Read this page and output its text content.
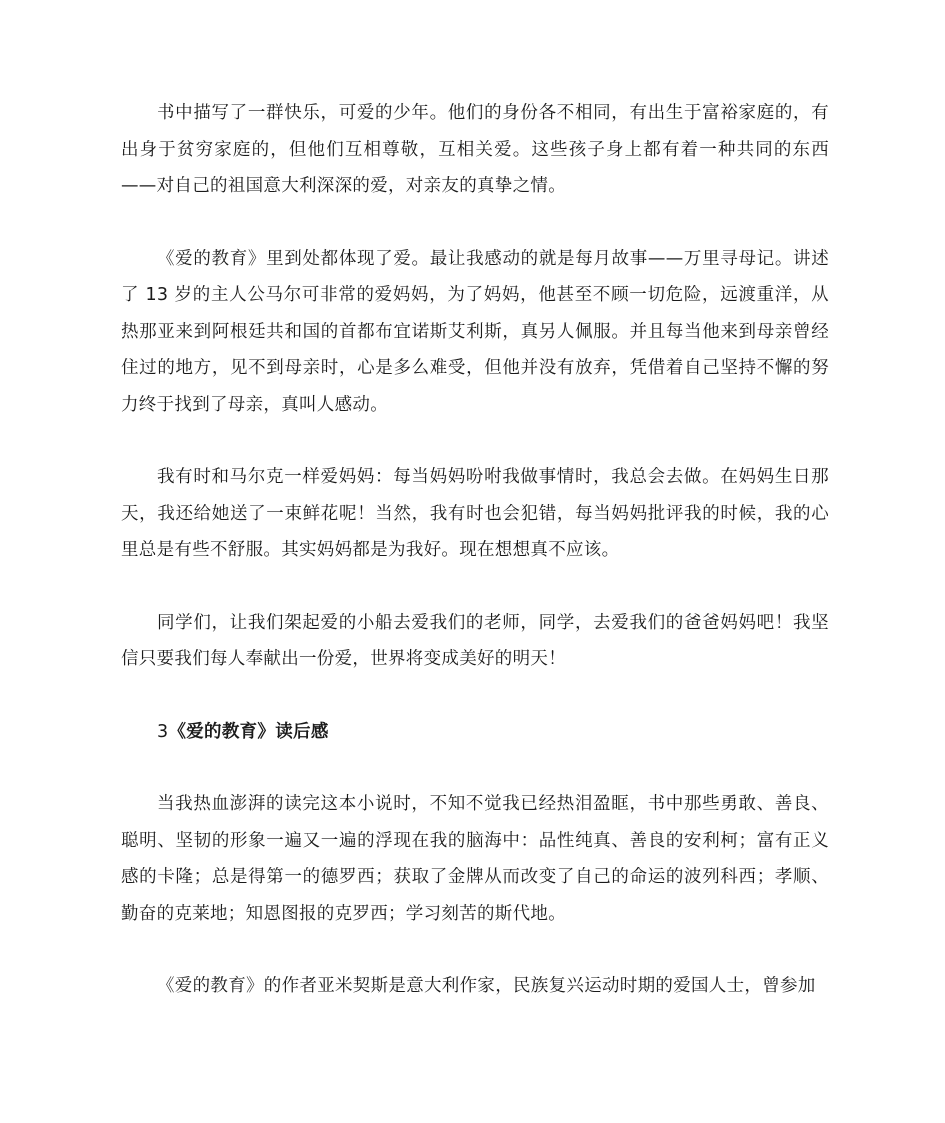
书中描写了一群快乐，可爱的少年。他们的身份各不相同，有出生于富裕家庭的，有出身于贫穷家庭的，但他们互相尊敬，互相关爱。这些孩子身上都有着一种共同的东西——对自己的祖国意大利深深的爱，对亲友的真挚之情。

《爱的教育》里到处都体现了爱。最让我感动的就是每月故事——万里寻母记。讲述了 13 岁的主人公马尔可非常的爱妈妈，为了妈妈，他甚至不顾一切危险，远渡重洋，从热那亚来到阿根廷共和国的首都布宜诺斯艾利斯，真另人佩服。并且每当他来到母亲曾经住过的地方，见不到母亲时，心是多么难受，但他并没有放弃，凭借着自己坚持不懈的努力终于找到了母亲，真叫人感动。

我有时和马尔克一样爱妈妈：每当妈妈吩咐我做事情时，我总会去做。在妈妈生日那天，我还给她送了一束鲜花呢！当然，我有时也会犯错，每当妈妈批评我的时候，我的心里总是有些不舒服。其实妈妈都是为我好。现在想想真不应该。

同学们，让我们架起爱的小船去爱我们的老师，同学，去爱我们的爸爸妈妈吧！我坚信只要我们每人奉献出一份爱，世界将变成美好的明天！

3《爱的教育》读后感

当我热血澎湃的读完这本小说时，不知不觉我已经热泪盈眶，书中那些勇敢、善良、聪明、坚韧的形象一遍又一遍的浮现在我的脑海中：品性纯真、善良的安利柯；富有正义感的卡隆；总是得第一的德罗西；获取了金牌从而改变了自己的命运的波列科西；孝顺、勤奋的克莱地；知恩图报的克罗西；学习刻苦的斯代地。

《爱的教育》的作者亚米契斯是意大利作家，民族复兴运动时期的爱国人士，曾参加
